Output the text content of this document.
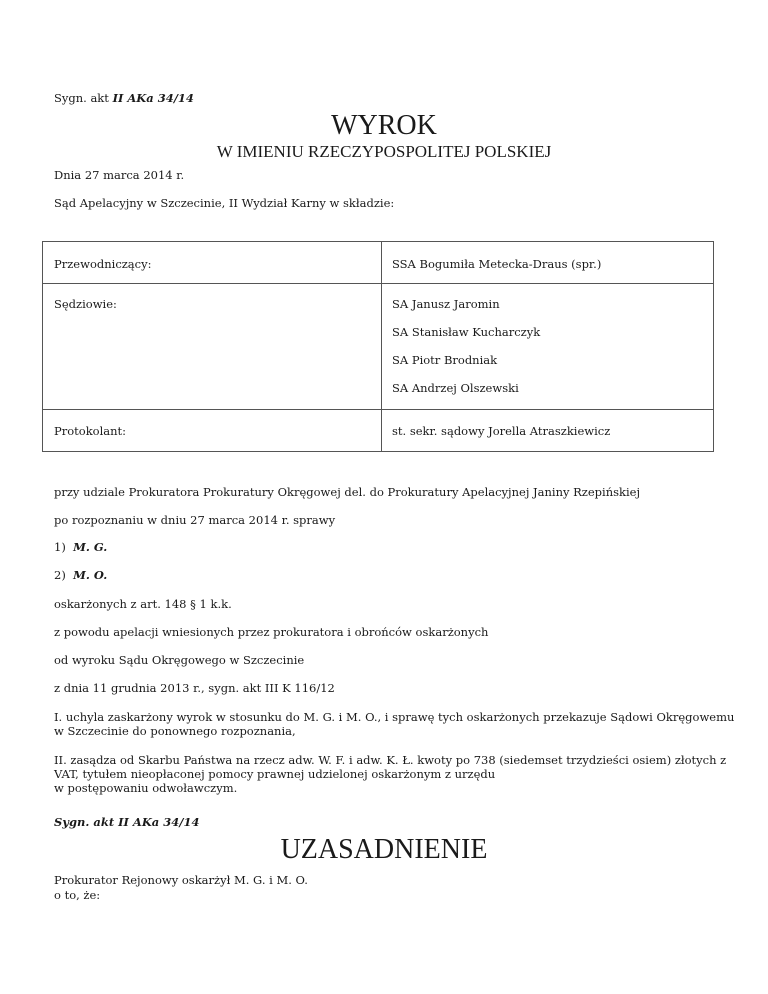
Sygn. akt II AKa 34/14
WYROK
W IMIENIU RZECZYPOSPOLITEJ POLSKIEJ
Dnia 27 marca 2014 r.
Sąd Apelacyjny w Szczecinie, II Wydział Karny w składzie:
Przewodniczący:	SSA Bogumiła Metecka-Draus (spr.)
Sędziowie:	SA Janusz Jaromin
SA Stanisław Kucharczyk
SA Piotr Brodniak
SA Andrzej Olszewski
Protokolant:	st. sekr. sądowy Jorella Atraszkiewicz
przy udziale Prokuratora Prokuratury Okręgowej del. do Prokuratury Apelacyjnej Janiny Rzepińskiej
po rozpoznaniu w dniu 27 marca 2014 r. sprawy
1) M. G.
2) M. O.
oskarżonych z art. 148 § 1 k.k.
z powodu apelacji wniesionych przez prokuratora i obrońców oskarżonych
od wyroku Sądu Okręgowego w Szczecinie
z dnia 11 grudnia 2013 r., sygn. akt III K 116/12
I. uchyla zaskarżony wyrok w stosunku do M. G. i M. O., i sprawę tych oskarżonych przekazuje Sądowi Okręgowemu
w Szczecinie do ponownego rozpoznania,
II. zasądza od Skarbu Państwa na rzecz adw. W. F. i adw. K. Ł. kwoty po 738 (siedemset trzydzieści osiem) złotych z
VAT, tytułem nieopłaconej pomocy prawnej udzielonej oskarżonym z urzędu
w postępowaniu odwoławczym.
Sygn. akt II AKa 34/14
UZASADNIENIE
Prokurator Rejonowy oskarżył M. G. i M. O.
o to, że:
